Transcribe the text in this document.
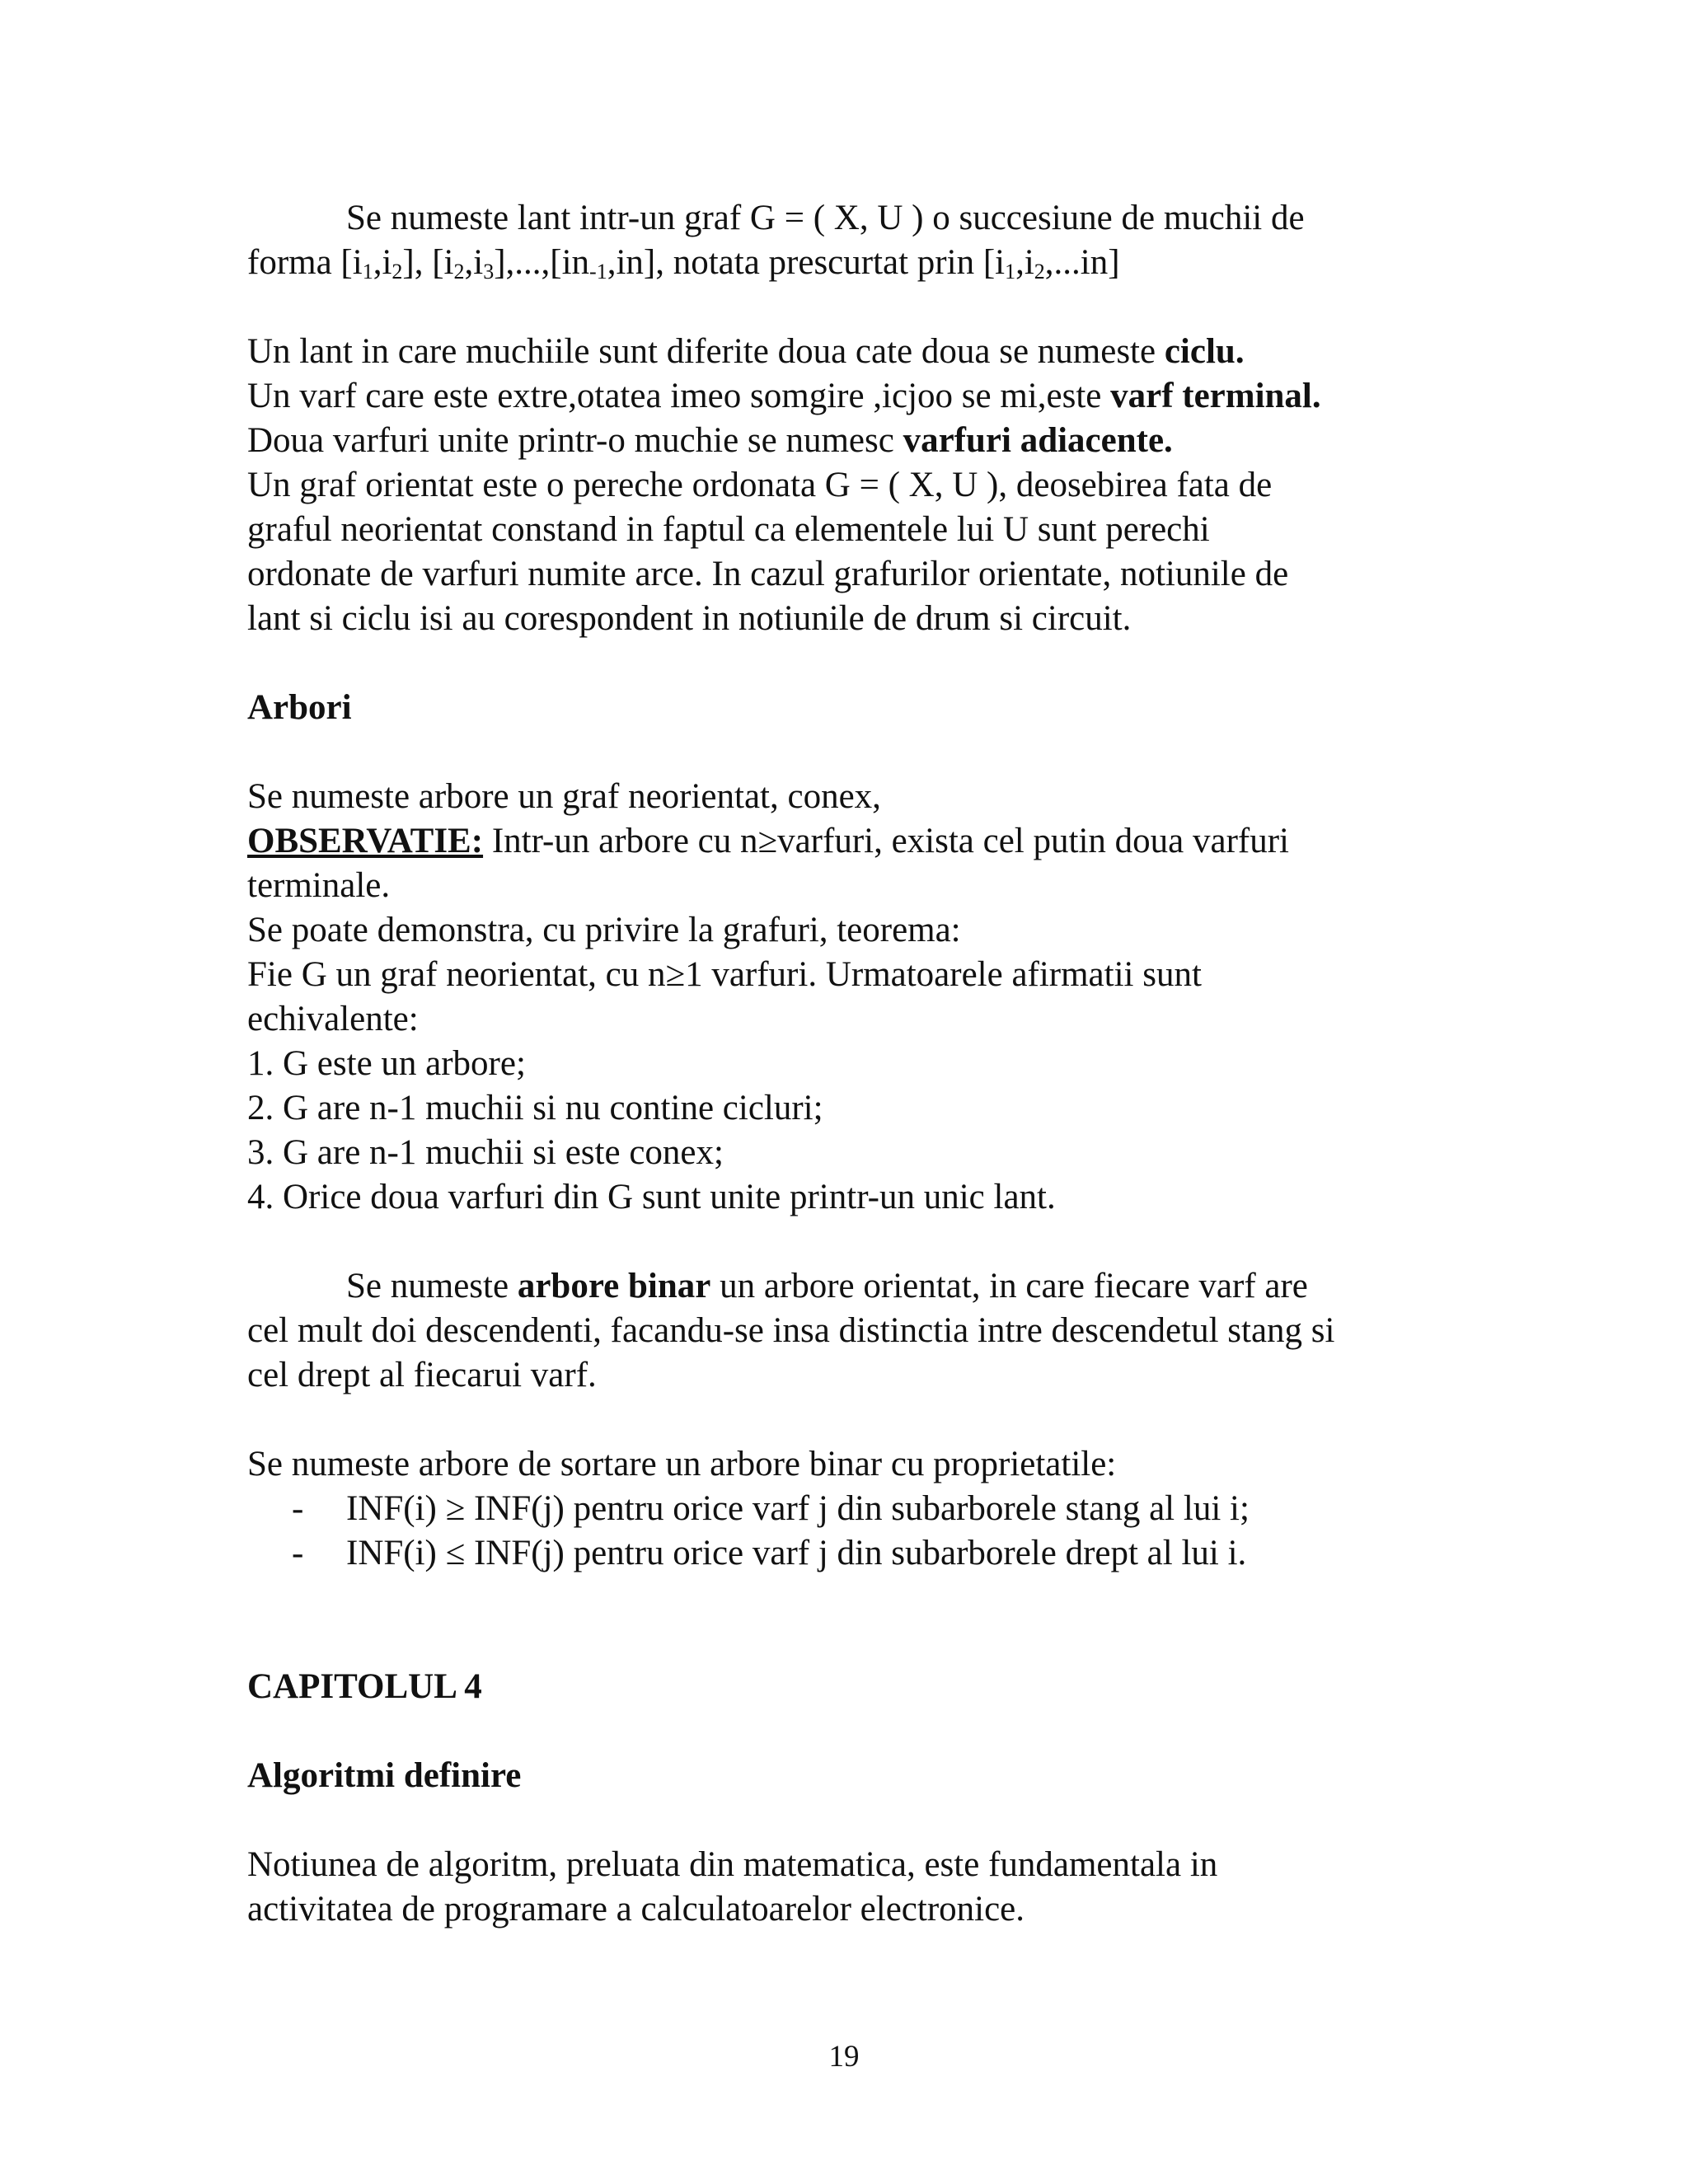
Se numeste lant intr-un graf G = ( X, U ) o succesiune de muchii de
forma $[i_1,i_2]$, $[i_2,i_3],...,[in_{-1},in]$, notata prescurtat prin $[i_1,i_2,...in]$
Un lant in care muchiile sunt diferite doua cate doua se numeste ciclu.
Un varf care este extre,otatea imeo somgire ,icjoo se mi,este varf terminal.
Doua varfuri unite printr-o muchie se numesc varfuri adiacente.
Un graf orientat este o pereche ordonata G = ( X, U ), deosebirea fata de
graful neorientat constand in faptul ca elementele lui U sunt perechi
ordonate de varfuri numite arce. In cazul grafurilor orientate, notiunile de
lant si ciclu isi au corespondent in notiunile de drum si circuit.
Arbori
Se numeste arbore un graf neorientat, conex,
OBSERVATIE: Intr-un arbore cu n≥varfuri, exista cel putin doua varfuri
terminale.
Se poate demonstra, cu privire la grafuri, teorema:
Fie G un graf neorientat, cu n≥1 varfuri. Urmatoarele afirmatii sunt
echivalente:
1. G este un arbore;
2. G are n-1 muchii si nu contine cicluri;
3. G are n-1 muchii si este conex;
4. Orice doua varfuri din G sunt unite printr-un unic lant.
Se numeste arbore binar un arbore orientat, in care fiecare varf are
cel mult doi descendenti, facandu-se insa distinctia intre descendetul stang si
cel drept al fiecarui varf.
Se numeste arbore de sortare un arbore binar cu proprietatile:
- INF(i) ≥ INF(j) pentru orice varf j din subarborele stang al lui i;
- INF(i) ≤ INF(j) pentru orice varf j din subarborele drept al lui i.
CAPITOLUL 4
Algoritmi definire
Notiunea de algoritm, preluata din matematica, este fundamentala in
activitatea de programare a calculatoarelor electronice.
19
